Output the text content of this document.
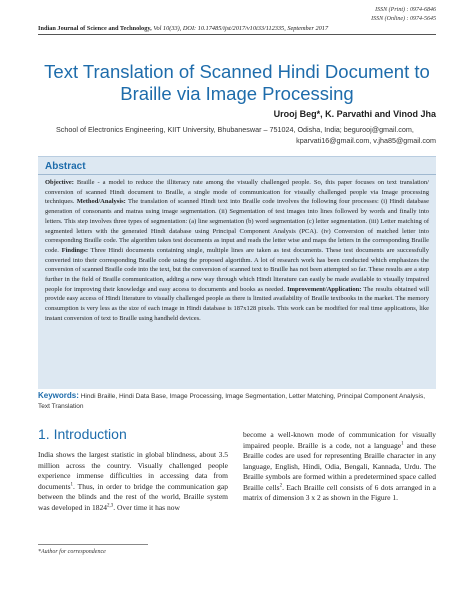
ISSN (Print) : 0974-6846
ISSN (Online) : 0974-5645
Indian Journal of Science and Technology, Vol 10(33), DOI: 10.17485/ijst/2017/v10i33/112335, September 2017
Text Translation of Scanned Hindi Document to Braille via Image Processing
Urooj Beg*, K. Parvathi and Vinod Jha
School of Electronics Engineering, KIIT University, Bhubaneswar – 751024, Odisha, India; begurooj@gmail.com,
kparvati16@gmail.com, v.jha85@gmail.com
Abstract
Objective: Braille - a model to reduce the illiteracy rate among the visually challenged people. So, this paper focuses on text translation/ conversion of scanned Hindi document to Braille, a single mode of communication for visually challenged people via Image processing techniques. Method/Analysis: The translation of scanned Hindi text into Braille code involves the following four processes: (i) Hindi database generation of consonants and matras using image segmentation. (ii) Segmentation of test images into lines followed by words and finally into letters. This step involves three types of segmentation: (a) line segmentation (b) word segmentation (c) letter segmentation. (iii) Letter matching of segmented letters with the generated Hindi database using Principal Component Analysis (PCA). (iv) Conversion of matched letter into corresponding Braille code. The algorithm takes test documents as input and reads the letter wise and maps the letters in the corresponding Braille code. Findings: Three Hindi documents containing single, multiple lines are taken as test documents. These test documents are successfully converted into their corresponding Braille code using the proposed algorithm. A lot of research work has been conducted which emphasizes the conversion of scanned Braille code into the text, but the conversion of scanned text to Braille has not been attempted so far. These results are a step further in the field of Braille communication, adding a new way through which Hindi literature can easily be made available to visually impaired people for improving their knowledge and easy access to documents and books as needed. Improvement/Application: The results obtained will provide easy access of Hindi literature to visually challenged people as there is limited availability of Braille textbooks in the market. The memory consumption is very less as the size of each image in Hindi database is 187x128 pixels. This work can be modified for real time applications, like instant conversion of text to Braille using handheld devices.
Keywords: Hindi Braille, Hindi Data Base, Image Processing, Image Segmentation, Letter Matching, Principal Component Analysis, Text Translation
1. Introduction
India shows the largest statistic in global blindness, about 3.5 million across the country. Visually challenged people experience immense difficulties in accessing data from documents$^1$. Thus, in order to bridge the communication gap between the blinds and the rest of the world, Braille system was developed in 1824$^{2,3}$. Over time it has now
become a well-known mode of communication for visually impaired people. Braille is a code, not a language$^1$ and these Braille codes are used for representing Braille character in any language, English, Hindi, Odia, Bengali, Kannada, Urdu. The Braille symbols are formed within a predetermined space called Braille cells$^2$. Each Braille cell consists of 6 dots arranged in a matrix of dimension 3 x 2 as shown in the Figure 1.
*Author for correspondence
